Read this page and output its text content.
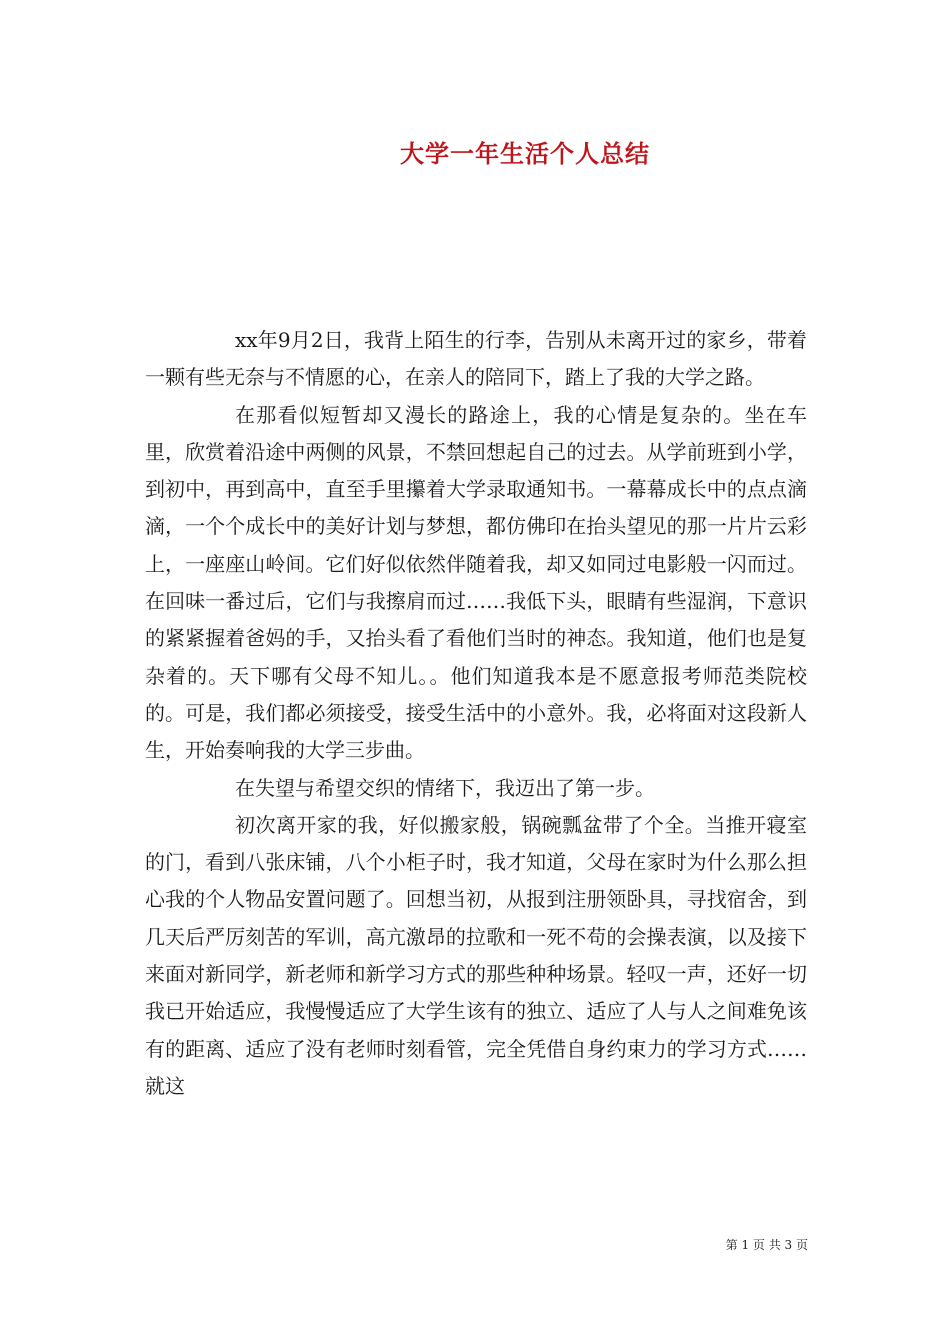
大学一年生活个人总结

xx年9月2日，我背上陌生的行李，告别从未离开过的家乡，带着一颗有些无奈与不情愿的心，在亲人的陪同下，踏上了我的大学之路。

在那看似短暂却又漫长的路途上，我的心情是复杂的。坐在车里，欣赏着沿途中两侧的风景，不禁回想起自己的过去。从学前班到小学，到初中，再到高中，直至手里攥着大学录取通知书。一幕幕成长中的点点滴滴，一个个成长中的美好计划与梦想，都仿佛印在抬头望见的那一片片云彩上，一座座山岭间。它们好似依然伴随着我，却又如同过电影般一闪而过。在回味一番过后，它们与我擦肩而过……我低下头，眼睛有些湿润，下意识的紧紧握着爸妈的手，又抬头看了看他们当时的神态。我知道，他们也是复杂着的。天下哪有父母不知儿。。他们知道我本是不愿意报考师范类院校的。可是，我们都必须接受，接受生活中的小意外。我，必将面对这段新人生，开始奏响我的大学三步曲。

在失望与希望交织的情绪下，我迈出了第一步。

初次离开家的我，好似搬家般，锅碗瓢盆带了个全。当推开寝室的门，看到八张床铺，八个小柜子时，我才知道，父母在家时为什么那么担心我的个人物品安置问题了。回想当初，从报到注册领卧具，寻找宿舍，到几天后严厉刻苦的军训，高亢激昂的拉歌和一死不苟的会操表演，以及接下来面对新同学，新老师和新学习方式的那些种种场景。轻叹一声，还好一切我已开始适应，我慢慢适应了大学生该有的独立、适应了人与人之间难免该有的距离、适应了没有老师时刻看管，完全凭借自身约束力的学习方式……就这

第 1 页 共 3 页
